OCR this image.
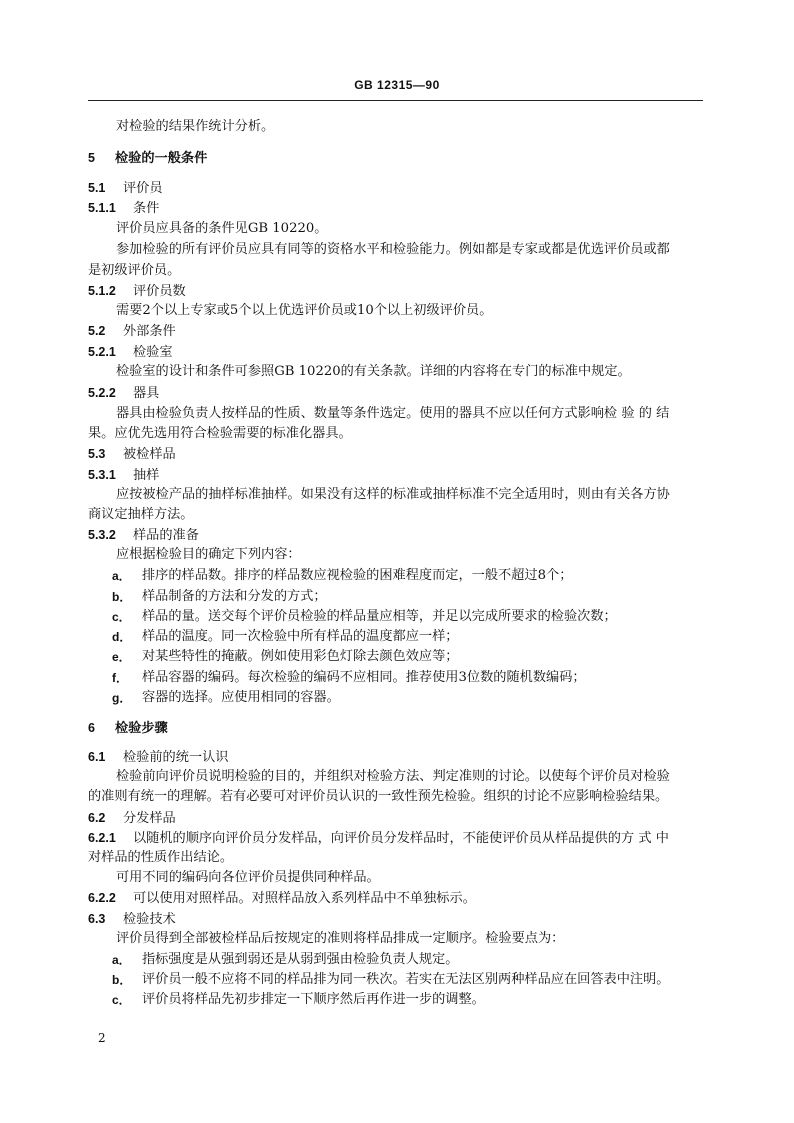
GB 12315—90
对检验的结果作统计分析。
5 检验的一般条件
5.1 评价员
5.1.1 条件
评价员应具备的条件见GB 10220。
参加检验的所有评价员应具有同等的资格水平和检验能力。例如都是专家或都是优选评价员或都
是初级评价员。
5.1.2 评价员数
需要2个以上专家或5个以上优选评价员或10个以上初级评价员。
5.2 外部条件
5.2.1 检验室
检验室的设计和条件可参照GB 10220的有关条款。详细的内容将在专门的标准中规定。
5.2.2 器具
器具由检验负责人按样品的性质、数量等条件选定。使用的器具不应以任何方式影响检 验 的 结
果。应优先选用符合检验需要的标准化器具。
5.3 被检样品
5.3.1 抽样
应按被检产品的抽样标准抽样。如果没有这样的标准或抽样标准不完全适用时，则由有关各方协
商议定抽样方法。
5.3.2 样品的准备
应根据检验目的确定下列内容：
a． 排序的样品数。排序的样品数应视检验的困难程度而定，一般不超过8个；
b． 样品制备的方法和分发的方式；
c． 样品的量。送交每个评价员检验的样品量应相等，并足以完成所要求的检验次数；
d． 样品的温度。同一次检验中所有样品的温度都应一样；
e． 对某些特性的掩蔽。例如使用彩色灯除去颜色效应等；
f． 样品容器的编码。每次检验的编码不应相同。推荐使用3位数的随机数编码；
g． 容器的选择。应使用相同的容器。
6 检验步骤
6.1 检验前的统一认识
检验前向评价员说明检验的目的，并组织对检验方法、判定准则的讨论。以使每个评价员对检验
的准则有统一的理解。若有必要可对评价员认识的一致性预先检验。组织的讨论不应影响检验结果。
6.2 分发样品
6.2.1 以随机的顺序向评价员分发样品，向评价员分发样品时，不能使评价员从样品提供的方 式 中
对样品的性质作出结论。
可用不同的编码向各位评价员提供同种样品。
6.2.2 可以使用对照样品。对照样品放入系列样品中不单独标示。
6.3 检验技术
评价员得到全部被检样品后按规定的准则将样品排成一定顺序。检验要点为：
a． 指标强度是从强到弱还是从弱到强由检验负责人规定。
b． 评价员一般不应将不同的样品排为同一秩次。若实在无法区别两种样品应在回答表中注明。
c． 评价员将样品先初步排定一下顺序然后再作进一步的调整。
2
